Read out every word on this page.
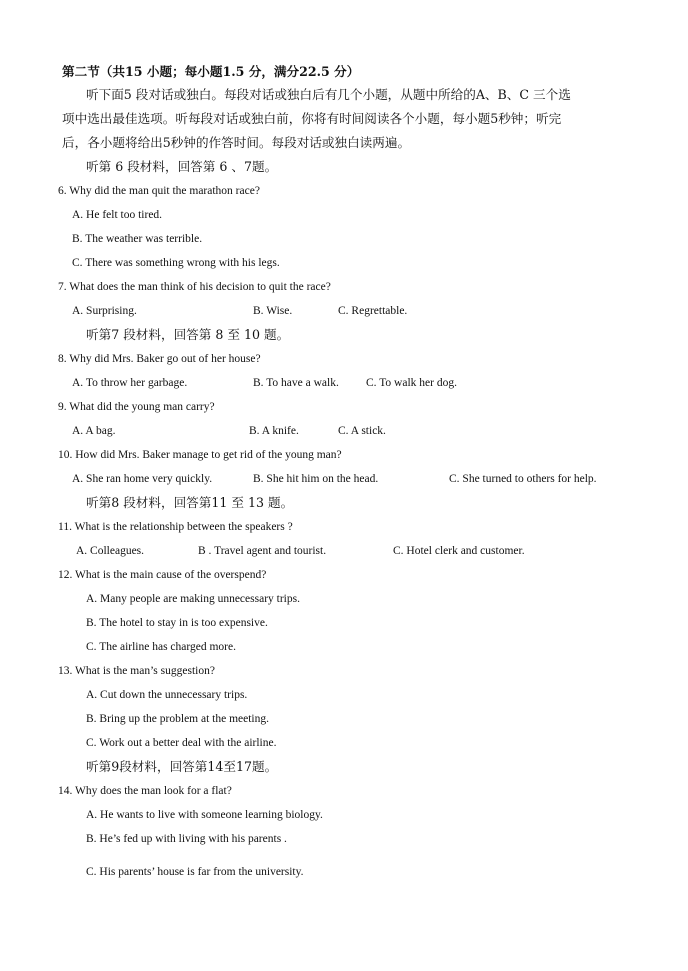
第二节（共15 小题；每小题1.5 分，满分22.5 分）
听下面5 段对话或独白。每段对话或独白后有几个小题，从题中所给的A、B、C 三个选
项中选出最佳选项。听每段对话或独白前，你将有时间阅读各个小题，每小题5秒钟；听完
后，各小题将给出5秒钟的作答时间。每段对话或独白读两遍。
听第 6 段材料，回答第 6 、7题。
6. Why did the man quit the marathon race?
A. He felt too tired.
B. The weather was terrible.
C. There was something wrong with his legs.
7. What does the man think of his decision to quit the race?
A. Surprising.	B. Wise.	C. Regrettable.
听第7 段材料，回答第 8 至 10 题。
8. Why did Mrs. Baker go out of her house?
A. To throw her garbage.	B. To have a walk. C. To walk her dog.
9. What did the young man carry?
A. A bag.	B. A knife.	C. A stick.
10. How did Mrs. Baker manage to get rid of the young man?
A. She ran home very quickly.	B. She hit him on the head.	C. She turned to others for help.
听第8 段材料，回答第11 至 13 题。
11. What is the relationship between the speakers ?
A. Colleagues.	B . Travel agent and tourist.	C. Hotel clerk and customer.
12. What is the main cause of the overspend?
A. Many people are making unnecessary trips.
B. The hotel to stay in is too expensive.
C. The airline has charged more.
13. What is the man’s suggestion?
A. Cut down the unnecessary trips.
B. Bring up the problem at the meeting.
C. Work out a better deal with the airline.
听第9段材料，回答第14至17题。
14. Why does the man look for a flat?
A. He wants to live with someone learning biology.
B. He’s fed up with living with his parents .
C. His parents’ house is far from the university.
